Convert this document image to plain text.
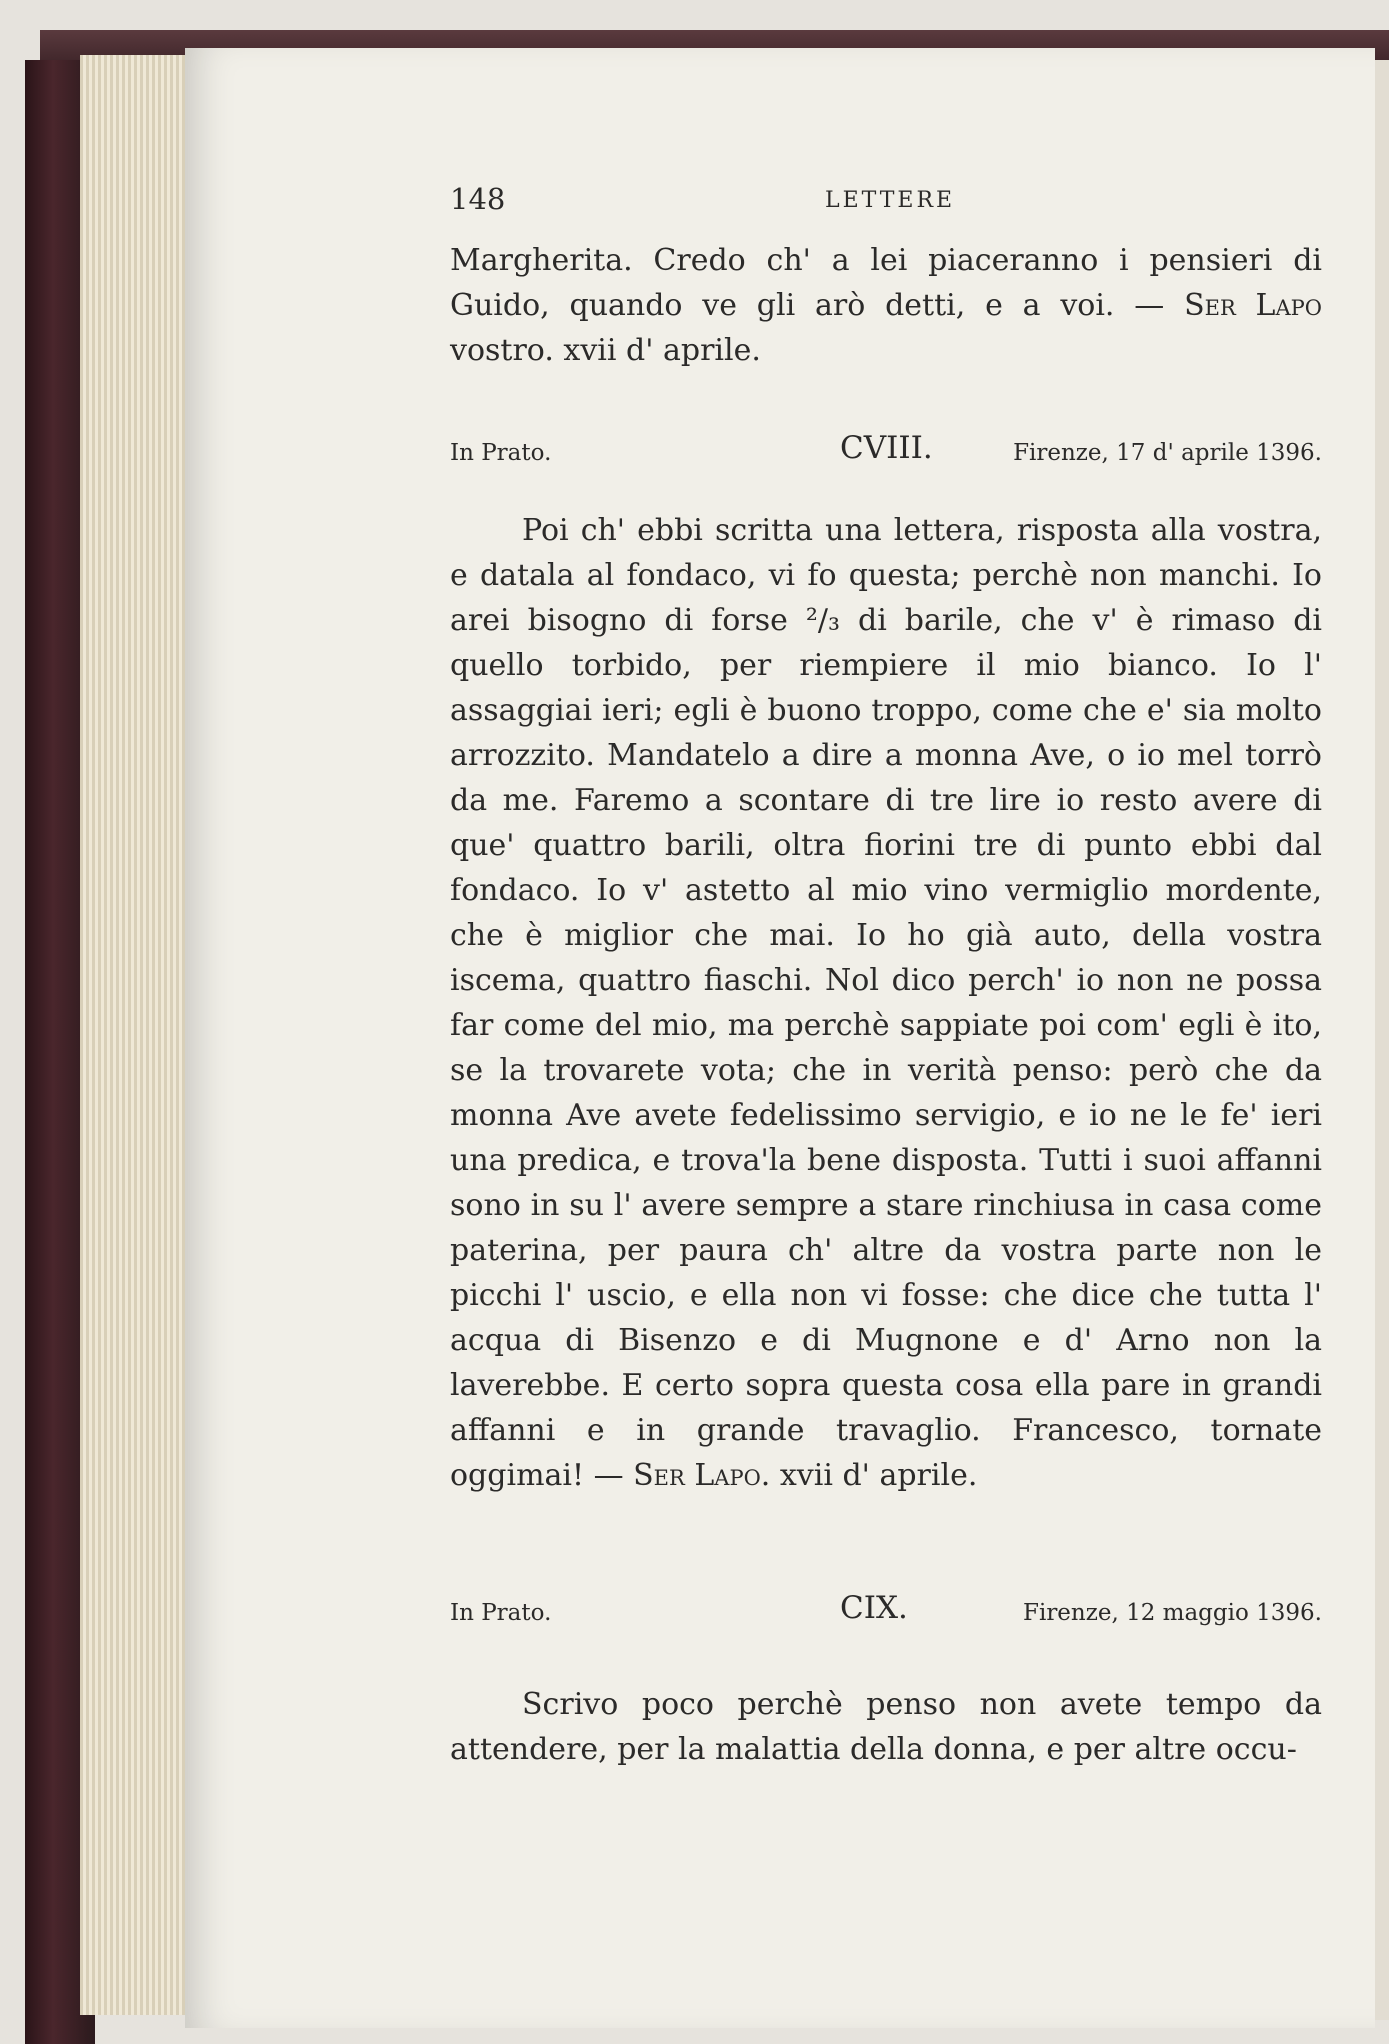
148	LETTERE

Margherita. Credo ch' a lei piaceranno i pensieri di Guido, quando ve gli arò detti, e a voi. — Ser Lapo vostro. xvii d' aprile.

In Prato.	CVIII.	Firenze, 17 d' aprile 1396.

Poi ch' ebbi scritta una lettera, risposta alla vostra, e datala al fondaco, vi fo questa; perchè non manchi. Io arei bisogno di forse ²/₃ di barile, che v' è rimaso di quello torbido, per riempiere il mio bianco. Io l' assaggiai ieri; egli è buono troppo, come che e' sia molto arrozzito. Mandatelo a dire a monna Ave, o io mel torrò da me. Faremo a scontare di tre lire io resto avere di que' quattro barili, oltra fiorini tre di punto ebbi dal fondaco. Io v' astetto al mio vino vermiglio mordente, che è miglior che mai. Io ho già auto, della vostra iscema, quattro fiaschi. Nol dico perch' io non ne possa far come del mio, ma perchè sappiate poi com' egli è ito, se la trovarete vota; che in verità penso: però che da monna Ave avete fedelissimo servigio, e io ne le fe' ieri una predica, e trova'la bene disposta. Tutti i suoi affanni sono in su l' avere sempre a stare rinchiusa in casa come paterina, per paura ch' altre da vostra parte non le picchi l' uscio, e ella non vi fosse: che dice che tutta l' acqua di Bisenzo e di Mugnone e d' Arno non la laverebbe. E certo sopra questa cosa ella pare in grandi affanni e in grande travaglio. Francesco, tornate oggimai! — Ser Lapo. xvii d' aprile.

In Prato.	CIX.	Firenze, 12 maggio 1396.

Scrivo poco perchè penso non avete tempo da attendere, per la malattia della donna, e per altre occu-
